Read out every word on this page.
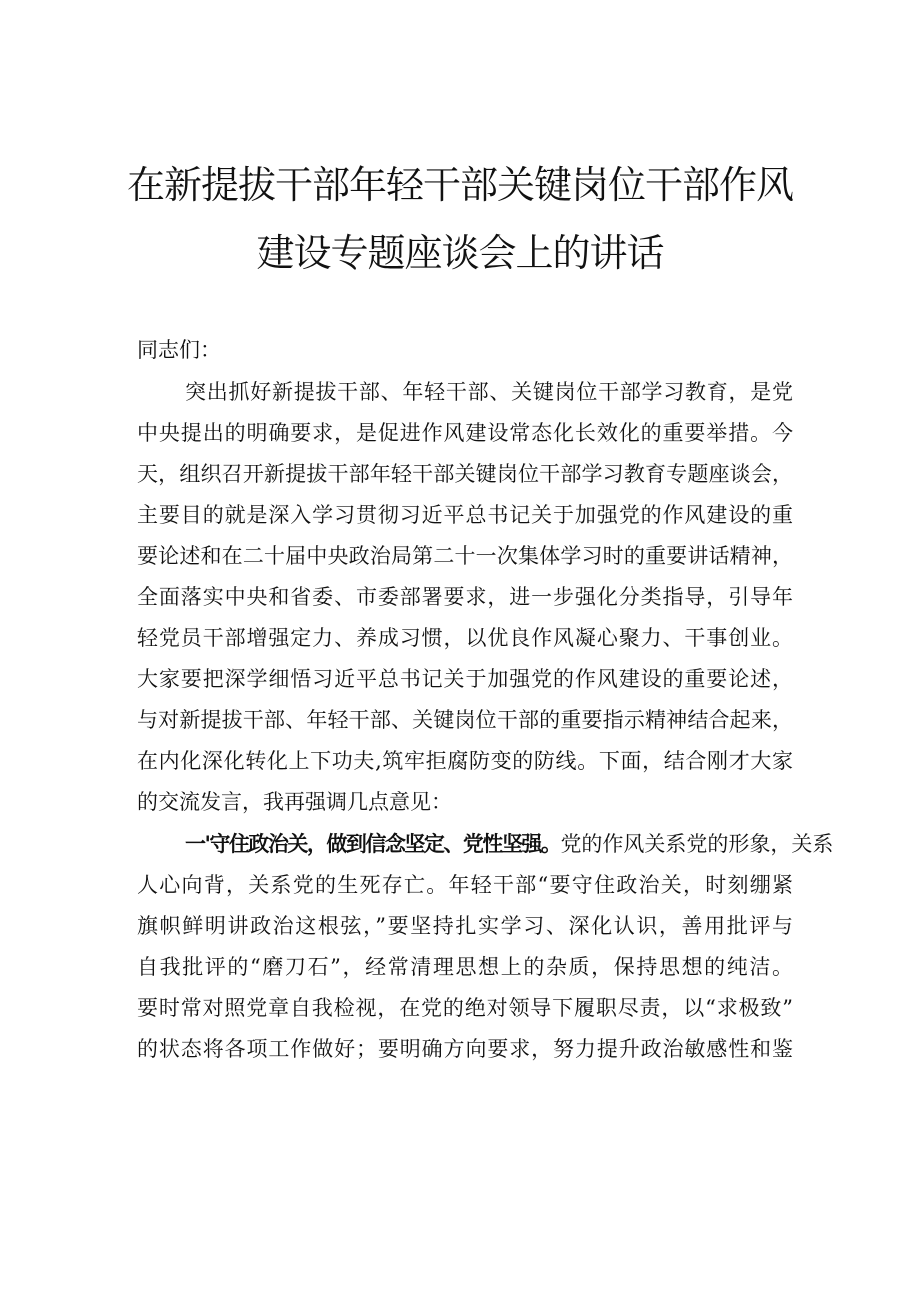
在新提拔干部年轻干部关键岗位干部作风
建设专题座谈会上的讲话
同志们：
突出抓好新提拔干部、年轻干部、关键岗位干部学习教育，是党
中央提出的明确要求，是促进作风建设常态化长效化的重要举措。今
天，组织召开新提拔干部年轻干部关键岗位干部学习教育专题座谈会，
主要目的就是深入学习贯彻习近平总书记关于加强党的作风建设的重
要论述和在二十届中央政治局第二十一次集体学习时的重要讲话精神，
全面落实中央和省委、市委部署要求，进一步强化分类指导，引导年
轻党员干部增强定力、养成习惯，以优良作风凝心聚力、干事创业。
大家要把深学细悟习近平总书记关于加强党的作风建设的重要论述，
与对新提拔干部、年轻干部、关键岗位干部的重要指示精神结合起来，
在内化深化转化上下功夫,筑牢拒腐防变的防线。下面，结合刚才大家
的交流发言，我再强调几点意见：
一'守住政治关，做到信念坚定、党性坚强。党的作风关系党的形象，关系
人心向背，关系党的生死存亡。年轻干部“要守住政治关，时刻绷紧
旗帜鲜明讲政治这根弦，”要坚持扎实学习、深化认识，善用批评与
自我批评的“磨刀石”，经常清理思想上的杂质，保持思想的纯洁。
要时常对照党章自我检视，在党的绝对领导下履职尽责，以“求极致”
的状态将各项工作做好；要明确方向要求，努力提升政治敏感性和鉴
